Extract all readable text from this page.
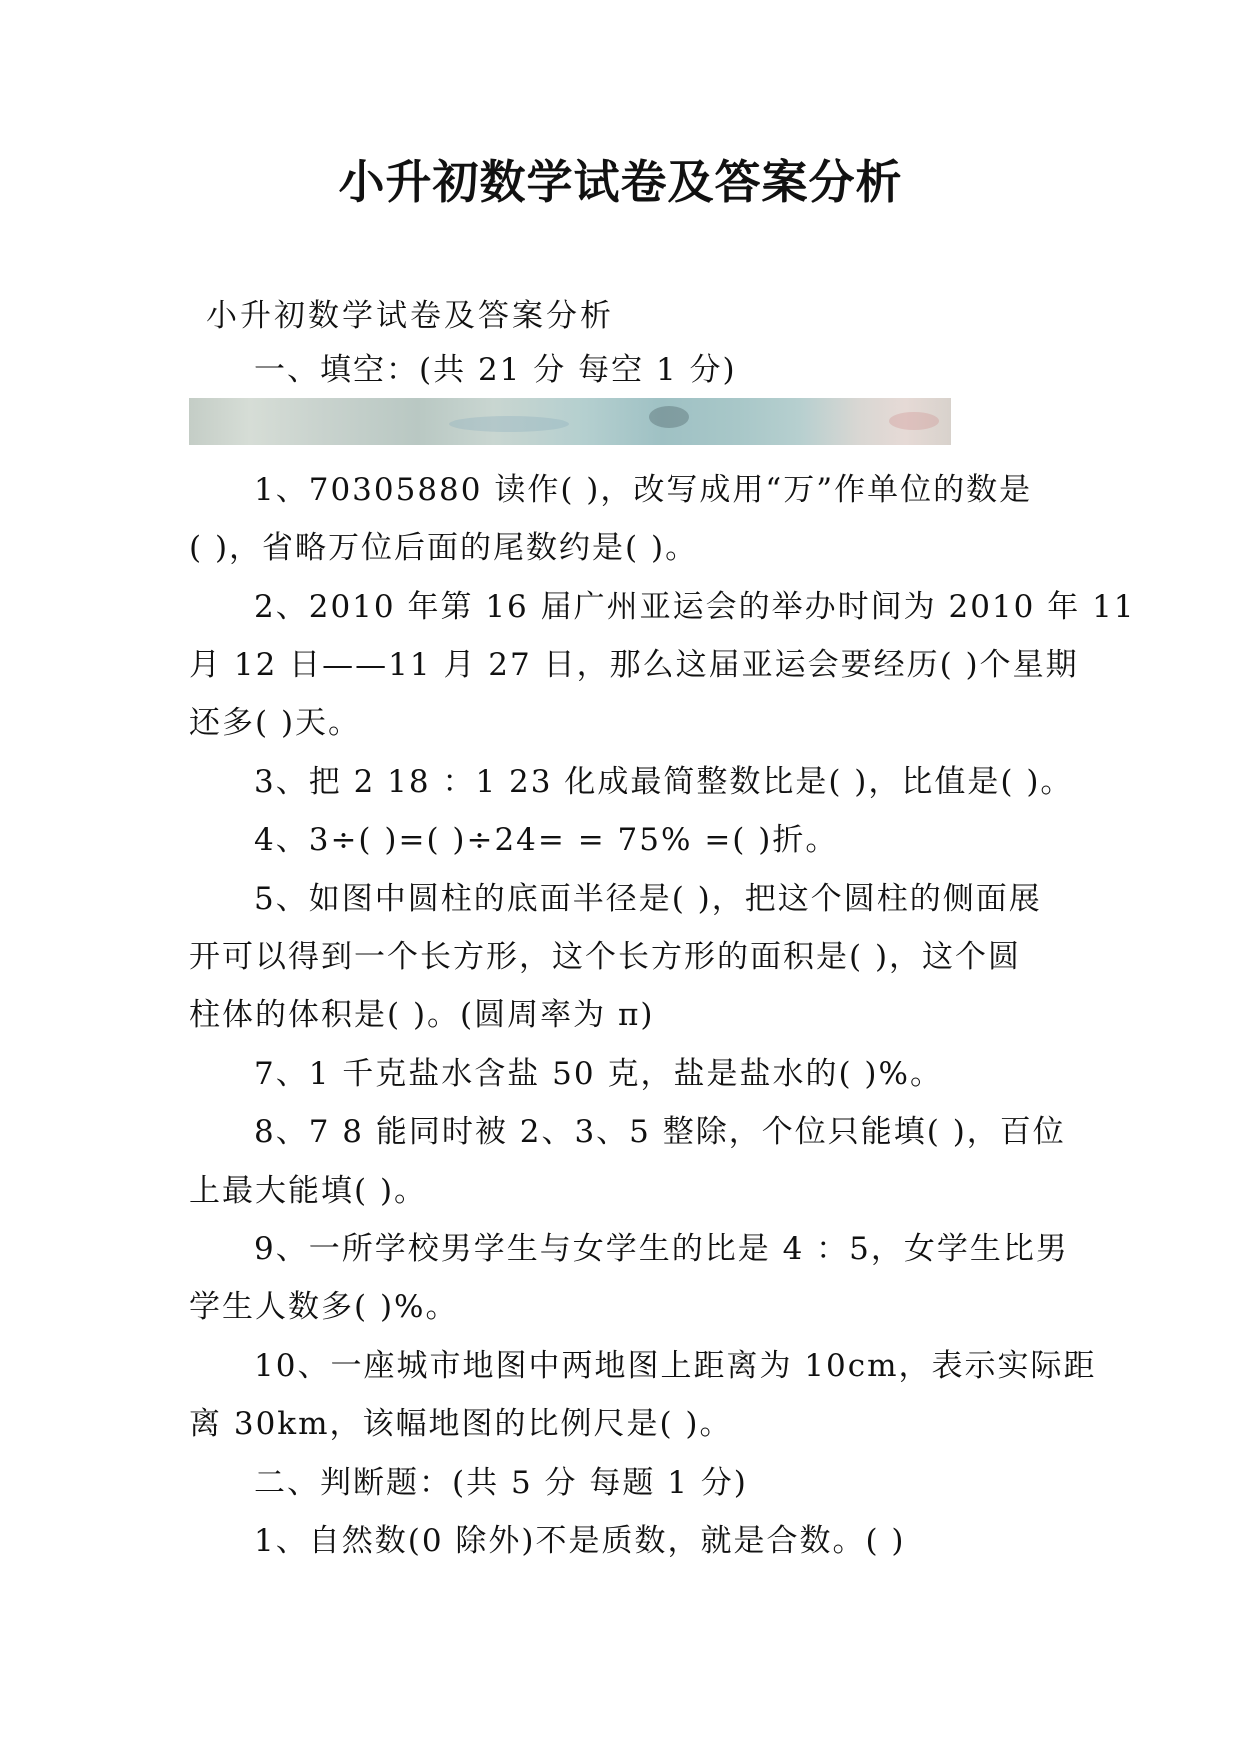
小升初数学试卷及答案分析
小升初数学试卷及答案分析
一、填空：(共 21 分 每空 1 分)
1、70305880 读作( )，改写成用“万”作单位的数是
( )，省略万位后面的尾数约是( )。
2、2010 年第 16 届广州亚运会的举办时间为 2010 年 11
月 12 日——11 月 27 日，那么这届亚运会要经历( )个星期
还多( )天。
3、把 2 18 ：1 23 化成最简整数比是( )，比值是( )。
4、3÷( )=( )÷24= = 75% =( )折。
5、如图中圆柱的底面半径是( )，把这个圆柱的侧面展
开可以得到一个长方形，这个长方形的面积是( )，这个圆
柱体的体积是( )。(圆周率为 π)
7、1 千克盐水含盐 50 克，盐是盐水的( )%。
8、7 8 能同时被 2、3、5 整除，个位只能填( )，百位
上最大能填( )。
9、一所学校男学生与女学生的比是 4 ：5，女学生比男
学生人数多( )%。
10、一座城市地图中两地图上距离为 10cm，表示实际距
离 30km，该幅地图的比例尺是( )。
二、判断题：(共 5 分 每题 1 分)
1、自然数(0 除外)不是质数，就是合数。( )
